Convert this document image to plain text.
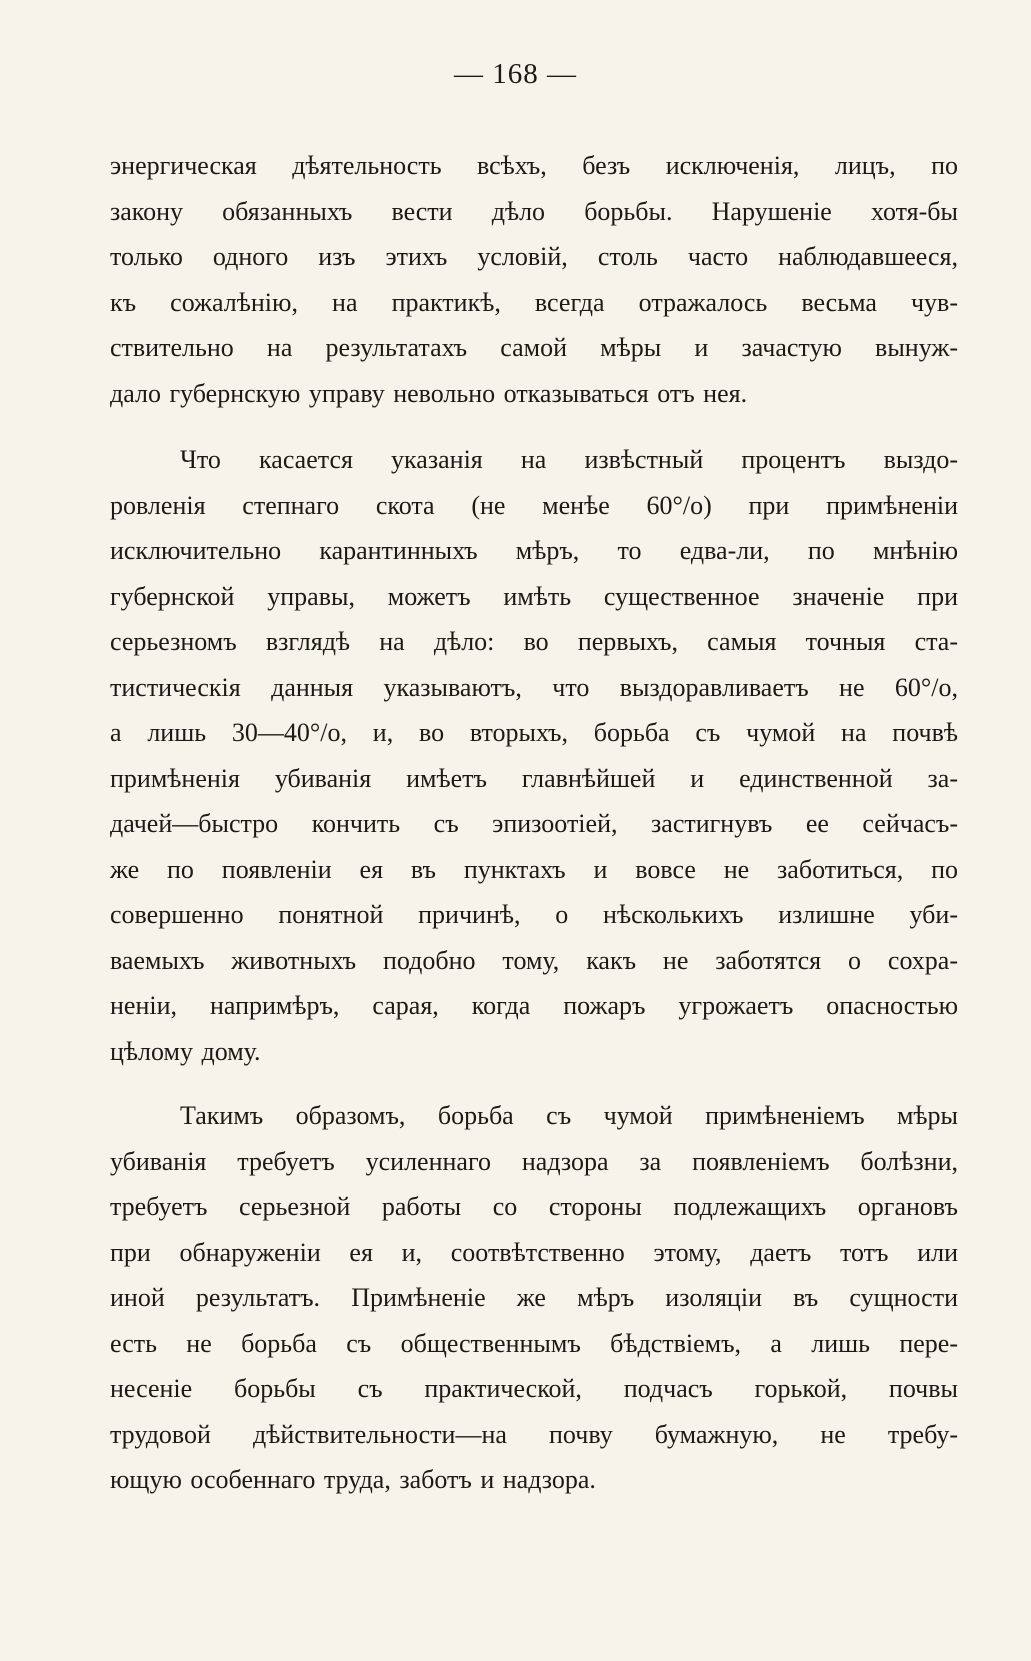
— 168 —
энергическая дѣятельность всѣхъ, безъ исключенія, лицъ, по
закону обязанныхъ вести дѣло борьбы. Нарушеніе хотя-бы
только одного изъ этихъ условій, столь часто наблюдавшееся,
къ сожалѣнію, на практикѣ, всегда отражалось весьма чув-
ствительно на результатахъ самой мѣры и зачастую вынуж-
дало губернскую управу невольно отказываться отъ нея.
Что касается указанія на извѣстный процентъ выздо-
ровленія степнаго скота (не менѣе 60°/о) при примѣненіи
исключительно карантинныхъ мѣръ, то едва-ли, по мнѣнію
губернской управы, можетъ имѣть существенное значеніе при
серьезномъ взглядѣ на дѣло: во первыхъ, самыя точныя ста-
тистическія данныя указываютъ, что выздоравливаетъ не 60°/о,
а лишь 30—40°/о, и, во вторыхъ, борьба съ чумой на почвѣ
примѣненія убиванія имѣетъ главнѣйшей и единственной за-
дачей—быстро кончить съ эпизоотіей, застигнувъ ее сейчасъ-
же по появленіи ея въ пунктахъ и вовсе не заботиться, по
совершенно понятной причинѣ, о нѣсколькихъ излишне уби-
ваемыхъ животныхъ подобно тому, какъ не заботятся о сохра-
неніи, напримѣръ, сарая, когда пожаръ угрожаетъ опасностью
цѣлому дому.
Такимъ образомъ, борьба съ чумой примѣненіемъ мѣры
убиванія требуетъ усиленнаго надзора за появленіемъ болѣзни,
требуетъ серьезной работы со стороны подлежащихъ органовъ
при обнаруженіи ея и, соотвѣтственно этому, даетъ тотъ или
иной результатъ. Примѣненіе же мѣръ изоляціи въ сущности
есть не борьба съ общественнымъ бѣдствіемъ, а лишь пере-
несеніе борьбы съ практической, подчасъ горькой, почвы
трудовой дѣйствительности—на почву бумажную, не требу-
ющую особеннаго труда, заботъ и надзора.
